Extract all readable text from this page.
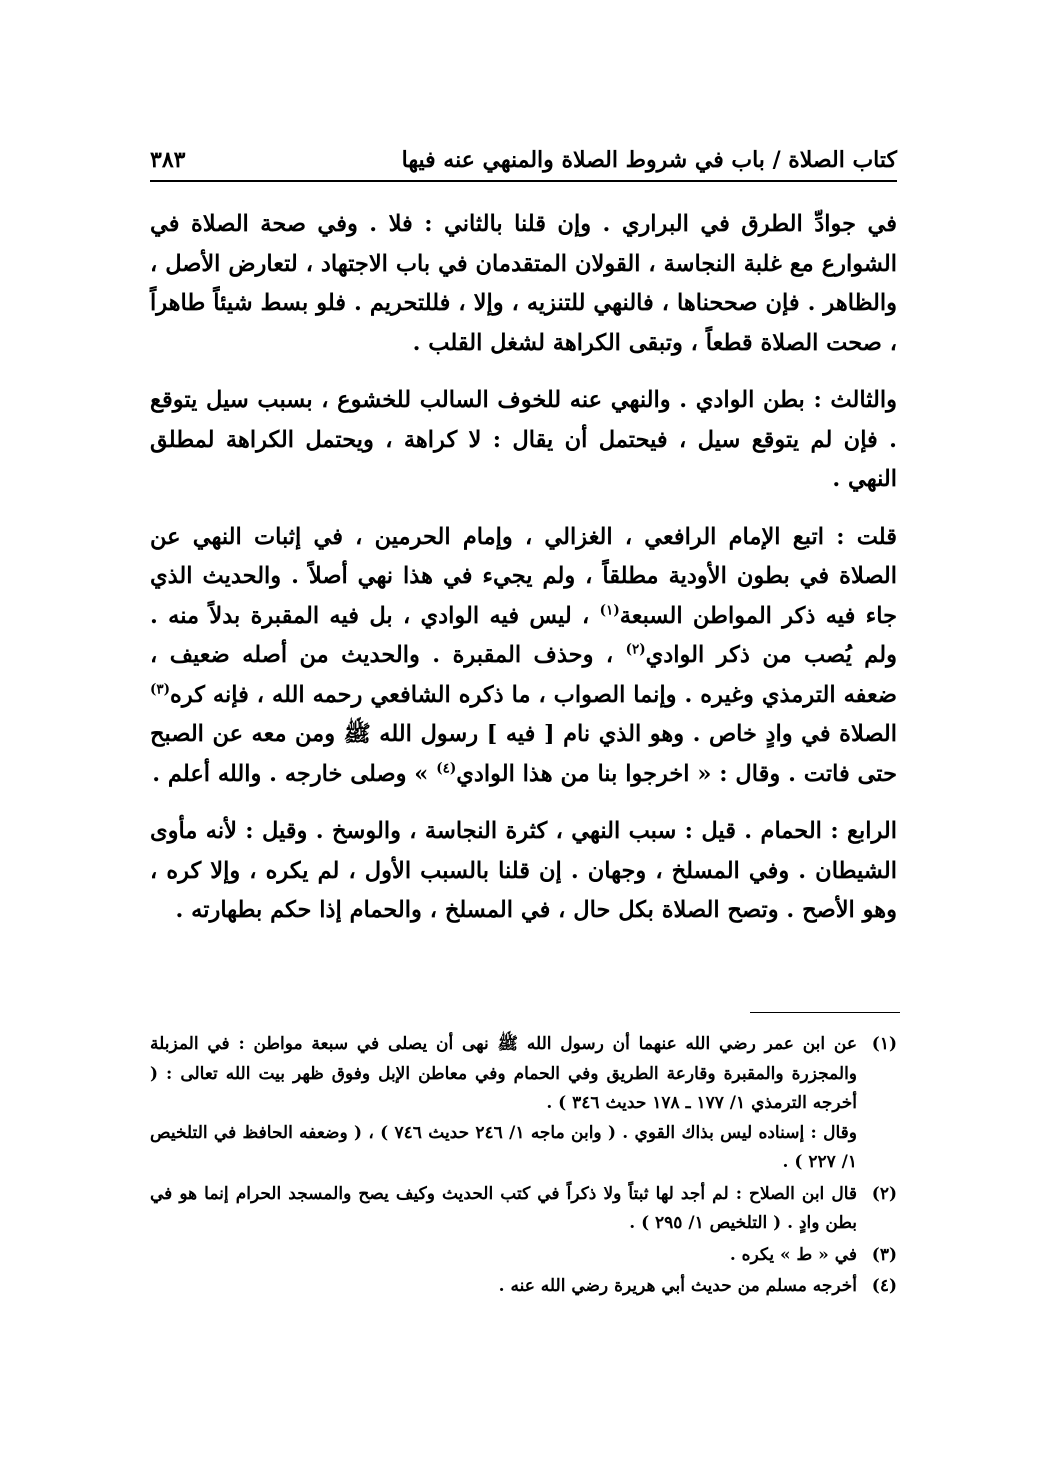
كتاب الصلاة / باب في شروط الصلاة والمنهي عنه فيها
٣٨٣

في جوادِّ الطرق في البراري . وإن قلنا بالثاني : فلا . وفي صحة الصلاة في الشوارع مع غلبة النجاسة ، القولان المتقدمان في باب الاجتهاد ، لتعارض الأصل ، والظاهر . فإن صححناها ، فالنهي للتنزيه ، وإلا ، فللتحريم . فلو بسط شيئاً طاهراً ، صحت الصلاة قطعاً ، وتبقى الكراهة لشغل القلب .

والثالث : بطن الوادي . والنهي عنه للخوف السالب للخشوع ، بسبب سيل يتوقع . فإن لم يتوقع سيل ، فيحتمل أن يقال : لا كراهة ، ويحتمل الكراهة لمطلق النهي .

قلت : اتبع الإمام الرافعي ، الغزالي ، وإمام الحرمين ، في إثبات النهي عن الصلاة في بطون الأودية مطلقاً ، ولم يجيء في هذا نهي أصلاً . والحديث الذي جاء فيه ذكر المواطن السبعة$^{(١)}$ ، ليس فيه الوادي ، بل فيه المقبرة بدلاً منه . ولم يُصب من ذكر الوادي$^{(٢)}$ ، وحذف المقبرة . والحديث من أصله ضعيف ، ضعفه الترمذي وغيره . وإنما الصواب ، ما ذكره الشافعي رحمه الله ، فإنه كره$^{(٣)}$ الصلاة في وادٍ خاص . وهو الذي نام [ فيه ] رسول الله ﷺ ومن معه عن الصبح حتى فاتت . وقال : « اخرجوا بنا من هذا الوادي$^{(٤)}$ » وصلى خارجه . والله أعلم .

الرابع : الحمام . قيل : سبب النهي ، كثرة النجاسة ، والوسخ . وقيل : لأنه مأوى الشيطان . وفي المسلخ ، وجهان . إن قلنا بالسبب الأول ، لم يكره ، وإلا كره ، وهو الأصح . وتصح الصلاة بكل حال ، في المسلخ ، والحمام إذا حكم بطهارته .

(١)
عن ابن عمر رضي الله عنهما أن رسول الله ﷺ نهى أن يصلى في سبعة مواطن : في المزبلة والمجزرة والمقبرة وقارعة الطريق وفي الحمام وفي معاطن الإبل وفوق ظهر بيت الله تعالى : ( أخرجه الترمذي ١/ ١٧٧ ـ ١٧٨ حديث ٣٤٦ ) .
وقال : إسناده ليس بذاك القوي . ( وابن ماجه ١/ ٢٤٦ حديث ٧٤٦ ) ، ( وضعفه الحافظ في التلخيص ١/ ٢٢٧ ) .
(٢)
قال ابن الصلاح : لم أجد لها ثبتاً ولا ذكراً في كتب الحديث وكيف يصح والمسجد الحرام إنما هو في بطن وادٍ . ( التلخيص ١/ ٢٩٥ ) .
(٣)
في « ط » يكره .
(٤)
أخرجه مسلم من حديث أبي هريرة رضي الله عنه .
